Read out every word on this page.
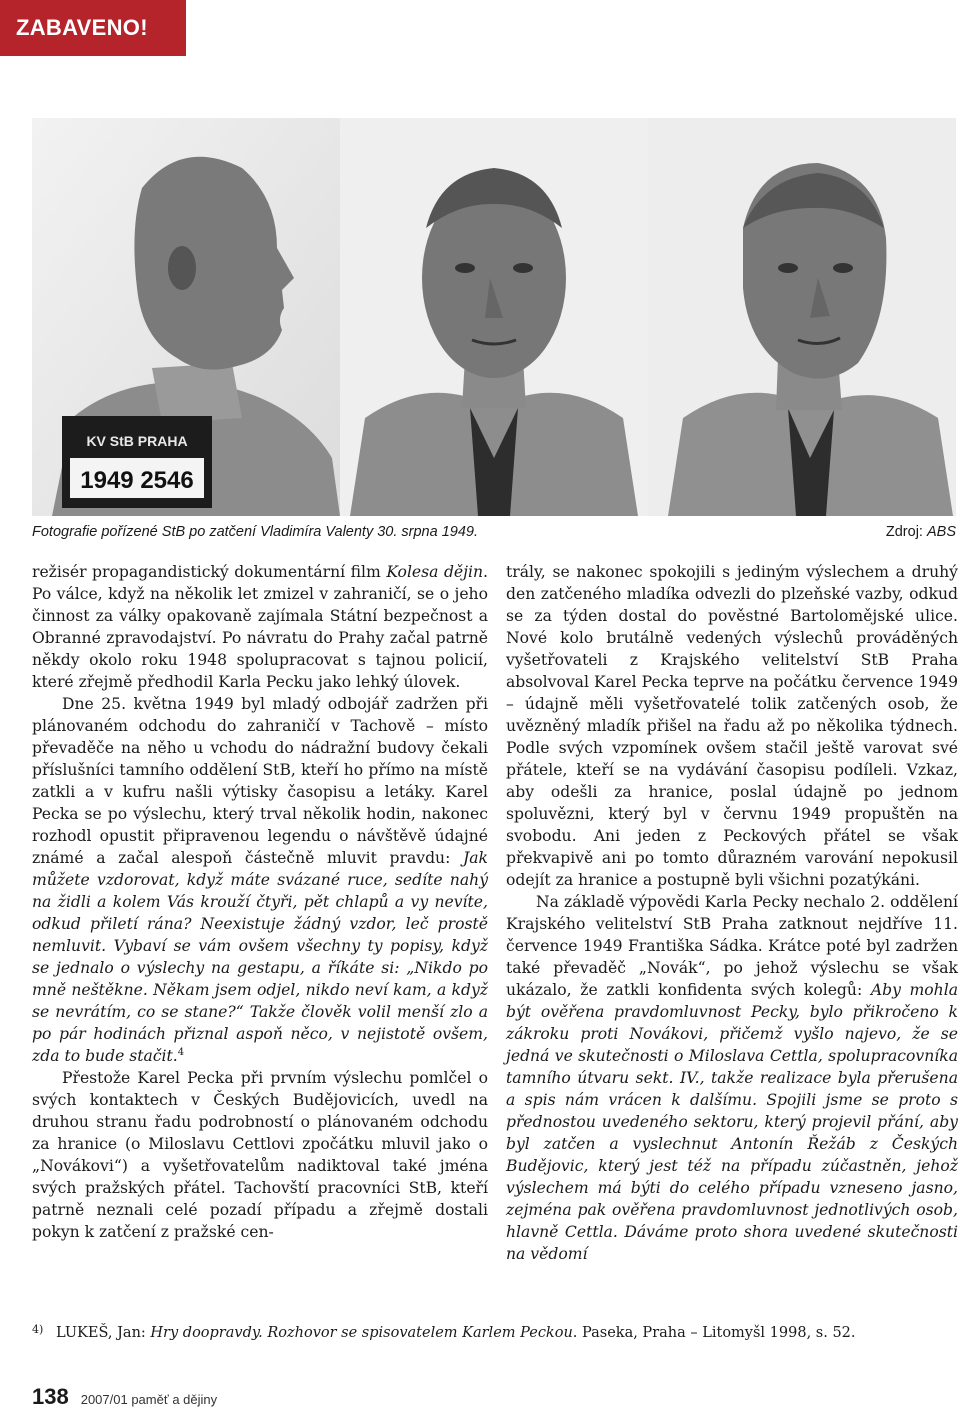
ZABAVENO!
KV StB PRAHA
1949 2546
Fotografie pořízené StB po zatčení Vladimíra Valenty 30. srpna 1949.	Zdroj: ABS

režisér propagandistický dokumentární film Kolesa dějin. Po válce, když na několik let zmizel v zahraničí, se o jeho činnost za války opakovaně zajímala Státní bezpečnost a Obranné zpravodajství. Po návratu do Prahy začal patrně někdy okolo roku 1948 spolupracovat s tajnou policií, které zřejmě předhodil Karla Pecku jako lehký úlovek.

Dne 25. května 1949 byl mladý odbojář zadržen při plánovaném odchodu do zahraničí v Tachově – místo převaděče na něho u vchodu do nádražní budovy čekali příslušníci tamního oddělení StB, kteří ho přímo na místě zatkli a v kufru našli výtisky časopisu a letáky. Karel Pecka se po výslechu, který trval několik hodin, nakonec rozhodl opustit připravenou legendu o návštěvě údajné známé a začal alespoň částečně mluvit pravdu: Jak můžete vzdorovat, když máte svázané ruce, sedíte nahý na židli a kolem Vás krouží čtyři, pět chlapů a vy nevíte, odkud přiletí rána? Neexistuje žádný vzdor, leč prostě nemluvit. Vybaví se vám ovšem všechny ty popisy, když se jednalo o výslechy na gestapu, a říkáte si: „Nikdo po mně neštěkne. Někam jsem odjel, nikdo neví kam, a když se nevrátím, co se stane?“ Takže člověk volil menší zlo a po pár hodinách přiznal aspoň něco, v nejistotě ovšem, zda to bude stačit.$^4$

Přestože Karel Pecka při prvním výslechu pomlčel o svých kontaktech v Českých Budějovicích, uvedl na druhou stranu řadu podrobností o plánovaném odchodu za hranice (o Miloslavu Cettlovi zpočátku mluvil jako o „Novákovi“) a vyšetřovatelům nadiktoval také jména svých pražských přátel. Tachovští pracovníci StB, kteří patrně neznali celé pozadí případu a zřejmě dostali pokyn k zatčení z pražské cen-

trály, se nakonec spokojili s jediným výslechem a druhý den zatčeného mladíka odvezli do plzeňské vazby, odkud se za týden dostal do pověstné Bartolomějské ulice. Nové kolo brutálně vedených výslechů prováděných vyšetřovateli z Krajského velitelství StB Praha absolvoval Karel Pecka teprve na počátku července 1949 – údajně měli vyšetřovatelé tolik zatčených osob, že uvězněný mladík přišel na řadu až po několika týdnech. Podle svých vzpomínek ovšem stačil ještě varovat své přátele, kteří se na vydávání časopisu podíleli. Vzkaz, aby odešli za hranice, poslal údajně po jednom spoluvězni, který byl v červnu 1949 propuštěn na svobodu. Ani jeden z Peckových přátel se však překvapivě ani po tomto důrazném varování nepokusil odejít za hranice a postupně byli všichni pozatýkáni.

Na základě výpovědi Karla Pecky nechalo 2. oddělení Krajského velitelství StB Praha zatknout nejdříve 11. července 1949 Františka Sádka. Krátce poté byl zadržen také převaděč „Novák“, po jehož výslechu se však ukázalo, že zatkli konfidenta svých kolegů: Aby mohla být ověřena pravdomluvnost Pecky, bylo přikročeno k zákroku proti Novákovi, přičemž vyšlo najevo, že se jedná ve skutečnosti o Miloslava Cettla, spolupracovníka tamního útvaru sekt. IV., takže realizace byla přerušena a spis nám vrácen k dalšímu. Spojili jsme se proto s přednostou uvedeného sektoru, který projevil přání, aby byl zatčen a vyslechnut Antonín Řežáb z Českých Budějovic, který jest též na případu zúčastněn, jehož výslechem má býti do celého případu vzneseno jasno, zejména pak ověřena pravdomluvnost jednotlivých osob, hlavně Cettla. Dáváme proto shora uvedené skutečnosti na vědomí

4) LUKEŠ, Jan: Hry doopravdy. Rozhovor se spisovatelem Karlem Peckou. Paseka, Praha – Litomyšl 1998, s. 52.
138 2007/01 paměť a dějiny
